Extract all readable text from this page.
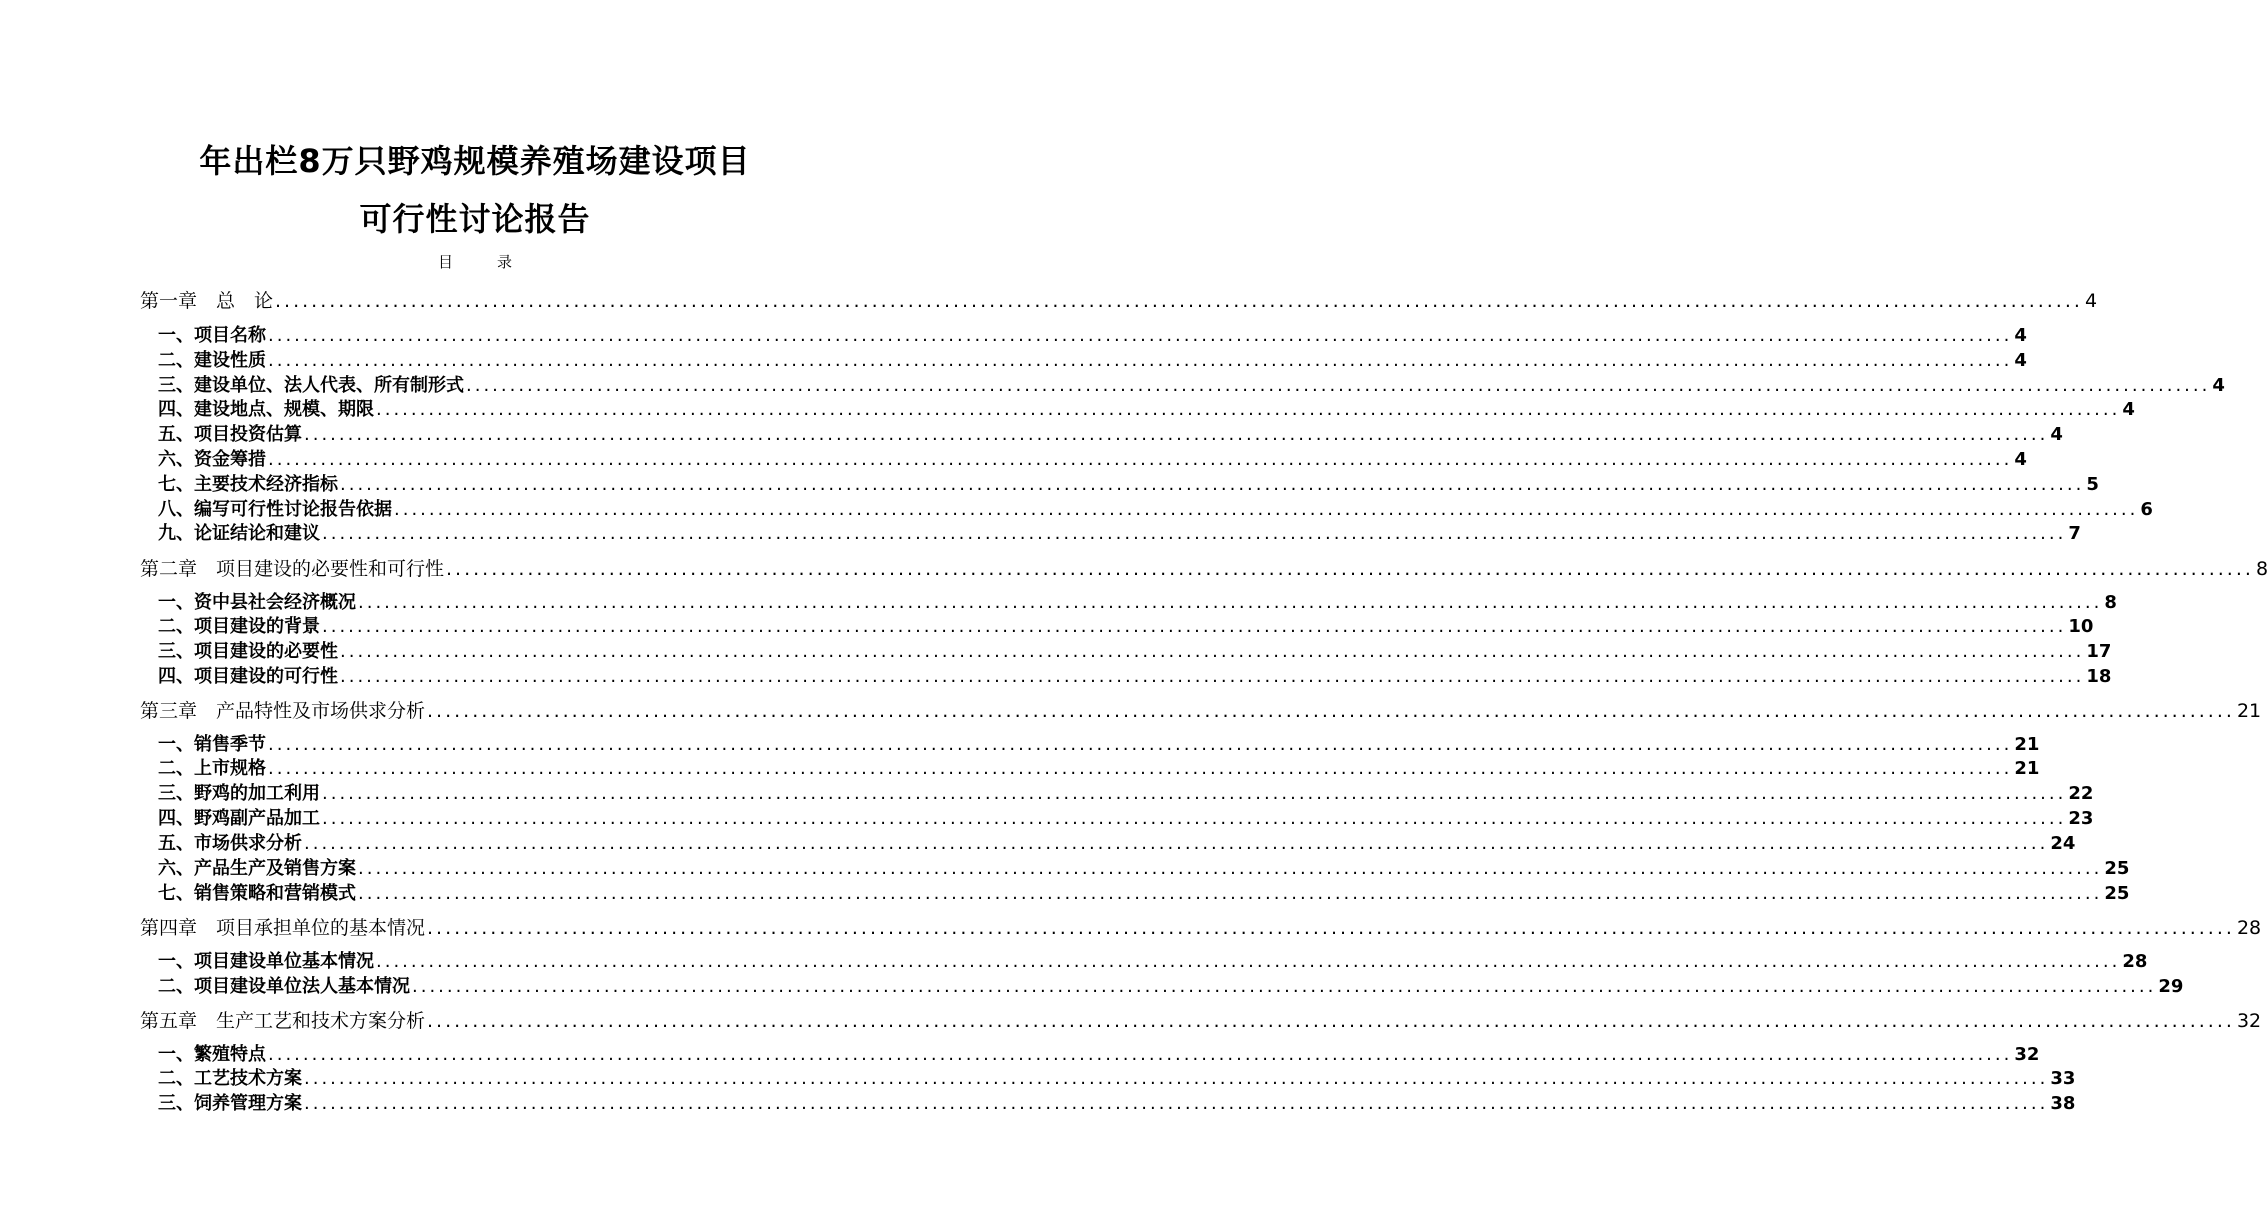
年出栏8万只野鸡规模养殖场建设项目
可行性讨论报告
目	录
第一章　总　论 ........................................................................................................................................................................................................ 4
一、项目名称 ........................................................................................................................................................................................................ 4
二、建设性质 ........................................................................................................................................................................................................ 4
三、建设单位、法人代表、所有制形式 ........................................................................................................................................................................................................ 4
四、建设地点、规模、期限 ........................................................................................................................................................................................................ 4
五、项目投资估算 ........................................................................................................................................................................................................ 4
六、资金筹措 ........................................................................................................................................................................................................ 4
七、主要技术经济指标 ........................................................................................................................................................................................................ 5
八、编写可行性讨论报告依据 ........................................................................................................................................................................................................ 6
九、论证结论和建议 ........................................................................................................................................................................................................ 7
第二章　项目建设的必要性和可行性 ........................................................................................................................................................................................................ 8
一、资中县社会经济概况 ........................................................................................................................................................................................................ 8
二、项目建设的背景 ........................................................................................................................................................................................................ 10
三、项目建设的必要性 ........................................................................................................................................................................................................ 17
四、项目建设的可行性 ........................................................................................................................................................................................................ 18
第三章　产品特性及市场供求分析 ........................................................................................................................................................................................................ 21
一、销售季节 ........................................................................................................................................................................................................ 21
二、上市规格 ........................................................................................................................................................................................................ 21
三、野鸡的加工利用 ........................................................................................................................................................................................................ 22
四、野鸡副产品加工 ........................................................................................................................................................................................................ 23
五、市场供求分析 ........................................................................................................................................................................................................ 24
六、产品生产及销售方案 ........................................................................................................................................................................................................ 25
七、销售策略和营销模式 ........................................................................................................................................................................................................ 25
第四章　项目承担单位的基本情况 ........................................................................................................................................................................................................ 28
一、项目建设单位基本情况 ........................................................................................................................................................................................................ 28
二、项目建设单位法人基本情况 ........................................................................................................................................................................................................ 29
第五章　生产工艺和技术方案分析 ........................................................................................................................................................................................................ 32
一、繁殖特点 ........................................................................................................................................................................................................ 32
二、工艺技术方案 ........................................................................................................................................................................................................ 33
三、饲养管理方案 ........................................................................................................................................................................................................ 38
